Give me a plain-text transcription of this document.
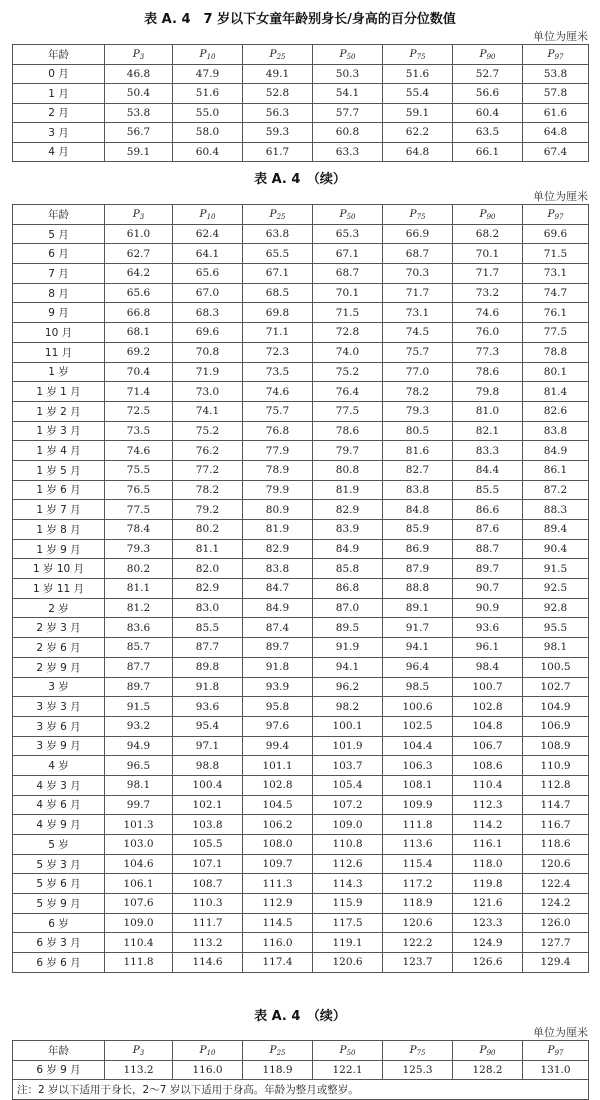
表 A. 4　7 岁以下女童年龄别身长/身高的百分位数值
单位为厘米
年龄	$P_3$	$P_{10}$	$P_{25}$	$P_{50}$	$P_{75}$	$P_{90}$	$P_{97}$
0 月	46.8	47.9	49.1	50.3	51.6	52.7	53.8
1 月	50.4	51.6	52.8	54.1	55.4	56.6	57.8
2 月	53.8	55.0	56.3	57.7	59.1	60.4	61.6
3 月	56.7	58.0	59.3	60.8	62.2	63.5	64.8
4 月	59.1	60.4	61.7	63.3	64.8	66.1	67.4
表 A. 4　（续）
单位为厘米
年龄	$P_3$	$P_{10}$	$P_{25}$	$P_{50}$	$P_{75}$	$P_{90}$	$P_{97}$
5 月	61.0	62.4	63.8	65.3	66.9	68.2	69.6
6 月	62.7	64.1	65.5	67.1	68.7	70.1	71.5
7 月	64.2	65.6	67.1	68.7	70.3	71.7	73.1
8 月	65.6	67.0	68.5	70.1	71.7	73.2	74.7
9 月	66.8	68.3	69.8	71.5	73.1	74.6	76.1
10 月	68.1	69.6	71.1	72.8	74.5	76.0	77.5
11 月	69.2	70.8	72.3	74.0	75.7	77.3	78.8
1 岁	70.4	71.9	73.5	75.2	77.0	78.6	80.1
1 岁 1 月	71.4	73.0	74.6	76.4	78.2	79.8	81.4
1 岁 2 月	72.5	74.1	75.7	77.5	79.3	81.0	82.6
1 岁 3 月	73.5	75.2	76.8	78.6	80.5	82.1	83.8
1 岁 4 月	74.6	76.2	77.9	79.7	81.6	83.3	84.9
1 岁 5 月	75.5	77.2	78.9	80.8	82.7	84.4	86.1
1 岁 6 月	76.5	78.2	79.9	81.9	83.8	85.5	87.2
1 岁 7 月	77.5	79.2	80.9	82.9	84.8	86.6	88.3
1 岁 8 月	78.4	80.2	81.9	83.9	85.9	87.6	89.4
1 岁 9 月	79.3	81.1	82.9	84.9	86.9	88.7	90.4
1 岁 10 月	80.2	82.0	83.8	85.8	87.9	89.7	91.5
1 岁 11 月	81.1	82.9	84.7	86.8	88.8	90.7	92.5
2 岁	81.2	83.0	84.9	87.0	89.1	90.9	92.8
2 岁 3 月	83.6	85.5	87.4	89.5	91.7	93.6	95.5
2 岁 6 月	85.7	87.7	89.7	91.9	94.1	96.1	98.1
2 岁 9 月	87.7	89.8	91.8	94.1	96.4	98.4	100.5
3 岁	89.7	91.8	93.9	96.2	98.5	100.7	102.7
3 岁 3 月	91.5	93.6	95.8	98.2	100.6	102.8	104.9
3 岁 6 月	93.2	95.4	97.6	100.1	102.5	104.8	106.9
3 岁 9 月	94.9	97.1	99.4	101.9	104.4	106.7	108.9
4 岁	96.5	98.8	101.1	103.7	106.3	108.6	110.9
4 岁 3 月	98.1	100.4	102.8	105.4	108.1	110.4	112.8
4 岁 6 月	99.7	102.1	104.5	107.2	109.9	112.3	114.7
4 岁 9 月	101.3	103.8	106.2	109.0	111.8	114.2	116.7
5 岁	103.0	105.5	108.0	110.8	113.6	116.1	118.6
5 岁 3 月	104.6	107.1	109.7	112.6	115.4	118.0	120.6
5 岁 6 月	106.1	108.7	111.3	114.3	117.2	119.8	122.4
5 岁 9 月	107.6	110.3	112.9	115.9	118.9	121.6	124.2
6 岁	109.0	111.7	114.5	117.5	120.6	123.3	126.0
6 岁 3 月	110.4	113.2	116.0	119.1	122.2	124.9	127.7
6 岁 6 月	111.8	114.6	117.4	120.6	123.7	126.6	129.4
表 A. 4　（续）
单位为厘米
年龄	$P_3$	$P_{10}$	$P_{25}$	$P_{50}$	$P_{75}$	$P_{90}$	$P_{97}$
6 岁 9 月	113.2	116.0	118.9	122.1	125.3	128.2	131.0
注：2 岁以下适用于身长，2～7 岁以下适用于身高。年龄为整月或整岁。							
